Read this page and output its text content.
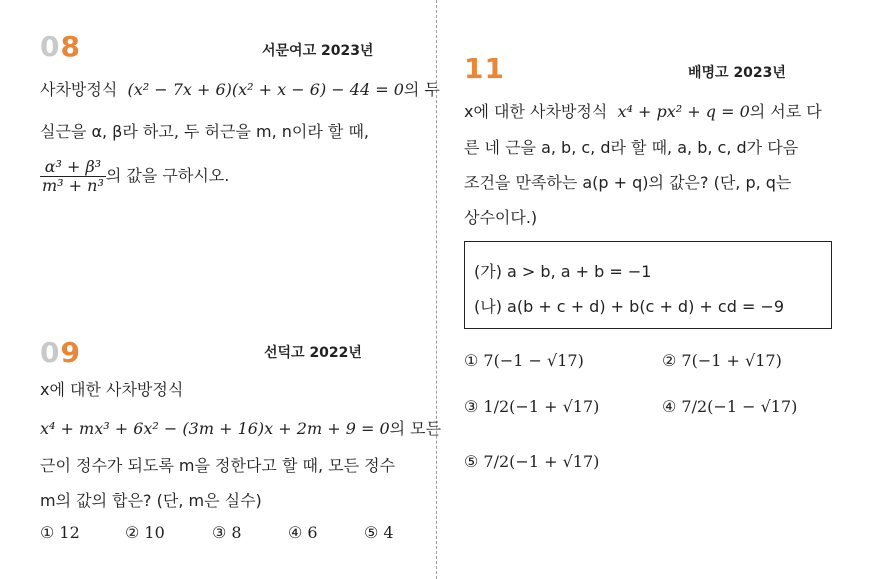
08	서문여고 2023년
사차방정식 (x² − 7x + 6)(x² + x − 6) − 44 = 0의 두
실근을 α, β라 하고, 두 허근을 m, n이라 할 때,
$\frac{\text{α³ + β³}}{\text{m³ + n³}}$ 의 값을 구하시오.
09	선덕고 2022년
x에 대한 사차방정식
x⁴ + mx³ + 6x² − (3m + 16)x + 2m + 9 = 0의 모든
근이 정수가 되도록 m을 정한다고 할 때, 모든 정수
m의 값의 합은? (단, m은 실수)
① 12	② 10	③ 8	④ 6	⑤ 4
11	배명고 2023년
x에 대한 사차방정식 x⁴ + px² + q = 0의 서로 다
른 네 근을 a, b, c, d라 할 때, a, b, c, d가 다음
조건을 만족하는 a(p + q)의 값은? (단, p, q는
상수이다.)
(가) a > b, a + b = −1
(나) a(b + c + d) + b(c + d) + cd = −9
① 7(−1 − √17)	② 7(−1 + √17)
③ 1/2(−1 + √17)	④ 7/2(−1 − √17)
⑤ 7/2(−1 + √17)
